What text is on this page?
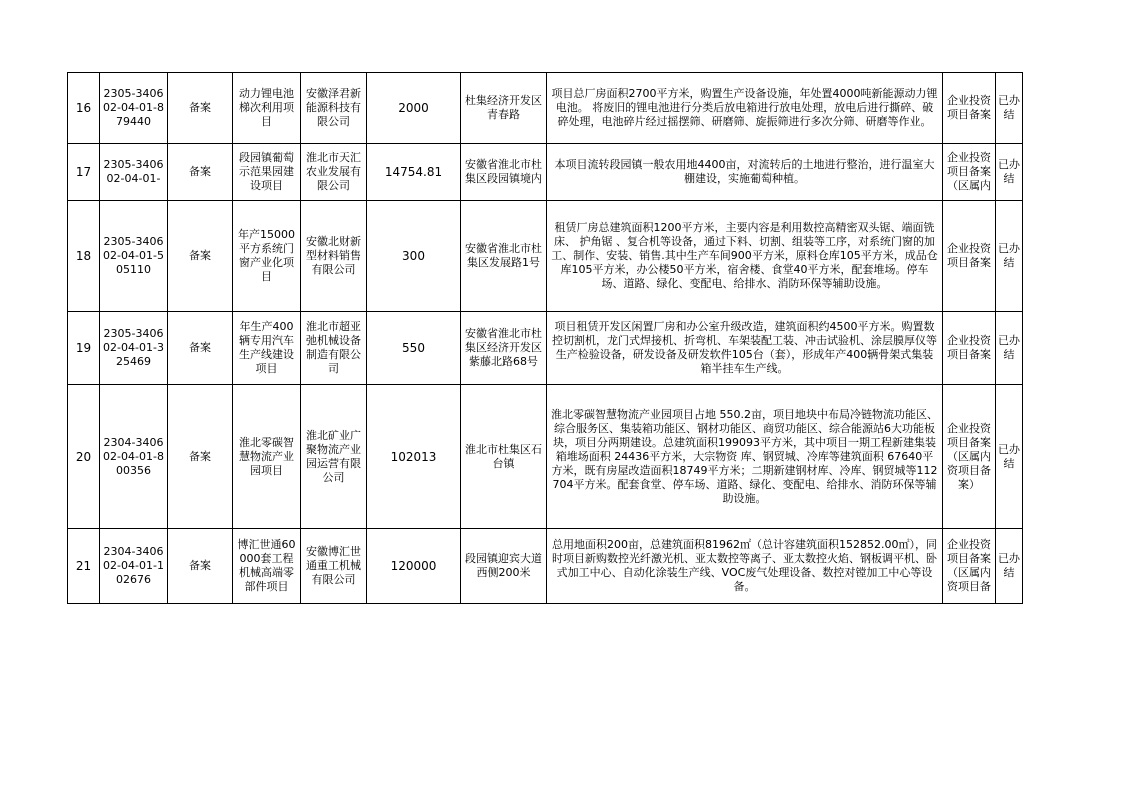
16	2305-340602-04-01-879440	备案	动力锂电池梯次利用项目	安徽泽君新能源科技有限公司	2000	杜集经济开发区青春路	项目总厂房面积2700平方米，购置生产设备设施，年处置4000吨新能源动力锂电池。 将废旧的锂电池进行分类后放电箱进行放电处理，放电后进行撕碎、破碎处理，电池碎片经过摇摆筛、研磨筛、旋振筛进行多次分筛、研磨等作业。	企业投资项目备案	已办结
17	2305-340602-04-01-	备案	段园镇葡萄示范果园建设项目	淮北市天汇农业发展有限公司	14754.81	安徽省淮北市杜集区段园镇境内	本项目流转段园镇一般农用地4400亩，对流转后的土地进行整治，进行温室大棚建设，实施葡萄种植。	企业投资项目备案（区属内	已办结
18	2305-340602-04-01-505110	备案	年产15000平方系统门窗产业化项目	安徽北财新型材料销售有限公司	300	安徽省淮北市杜集区发展路1号	租赁厂房总建筑面积1200平方米，主要内容是利用数控高精密双头锯、端面铣床、 护角锯 、复合机等设备，通过下料、切割、组装等工序，对系统门窗的加工、制作、安装、销售.其中生产车间900平方米，原料仓库105平方米，成品仓库105平方米，办公楼50平方米，宿舍楼、食堂40平方米，配套堆场。停车场、道路、绿化、变配电、给排水、消防环保等辅助设施。	企业投资项目备案	已办结
19	2305-340602-04-01-325469	备案	年生产400辆专用汽车生产线建设项目	淮北市超亚弛机械设备制造有限公司	550	安徽省淮北市杜集区经济开发区紫藤北路68号	项目租赁开发区闲置厂房和办公室升级改造，建筑面积约4500平方米。购置数控切割机，龙门式焊接机、折弯机、车架装配工装、冲击试验机、涂层膜厚仪等生产检验设备，研发设备及研发软件105台（套），形成年产400辆骨架式集装箱半挂车生产线。	企业投资项目备案	已办结
20	2304-340602-04-01-800356	备案	淮北零碳智慧物流产业园项目	淮北矿业广聚物流产业园运营有限公司	102013	淮北市杜集区石台镇	淮北零碳智慧物流产业园项目占地 550.2亩，项目地块中布局冷链物流功能区、综合服务区、集装箱功能区、钢材功能区、商贸功能区、综合能源站6大功能板块，项目分两期建设。总建筑面积199093平方米，其中项目一期工程新建集装箱堆场面积 24436平方米，大宗物资 库、钢贸城、冷库等建筑面积 67640平方米，既有房屋改造面积18749平方米；二期新建钢材库、冷库、钢贸城等112704平方米。配套食堂、停车场、道路、绿化、变配电、给排水、消防环保等辅助设施。	企业投资项目备案（区属内资项目备案）	已办结
21	2304-340602-04-01-102676	备案	博汇世通60000套工程机械高端零部件项目	安徽博汇世通重工机械有限公司	120000	段园镇迎宾大道西侧200米	总用地面积200亩，总建筑面积81962㎡（总计容建筑面积152852.00㎡），同时项目新购数控光纤激光机、亚太数控等离子、亚太数控火焰、钢板调平机、卧式加工中心、自动化涂装生产线、VOC废气处理设备、数控对镗加工中心等设备。	企业投资项目备案（区属内资项目备	已办结
